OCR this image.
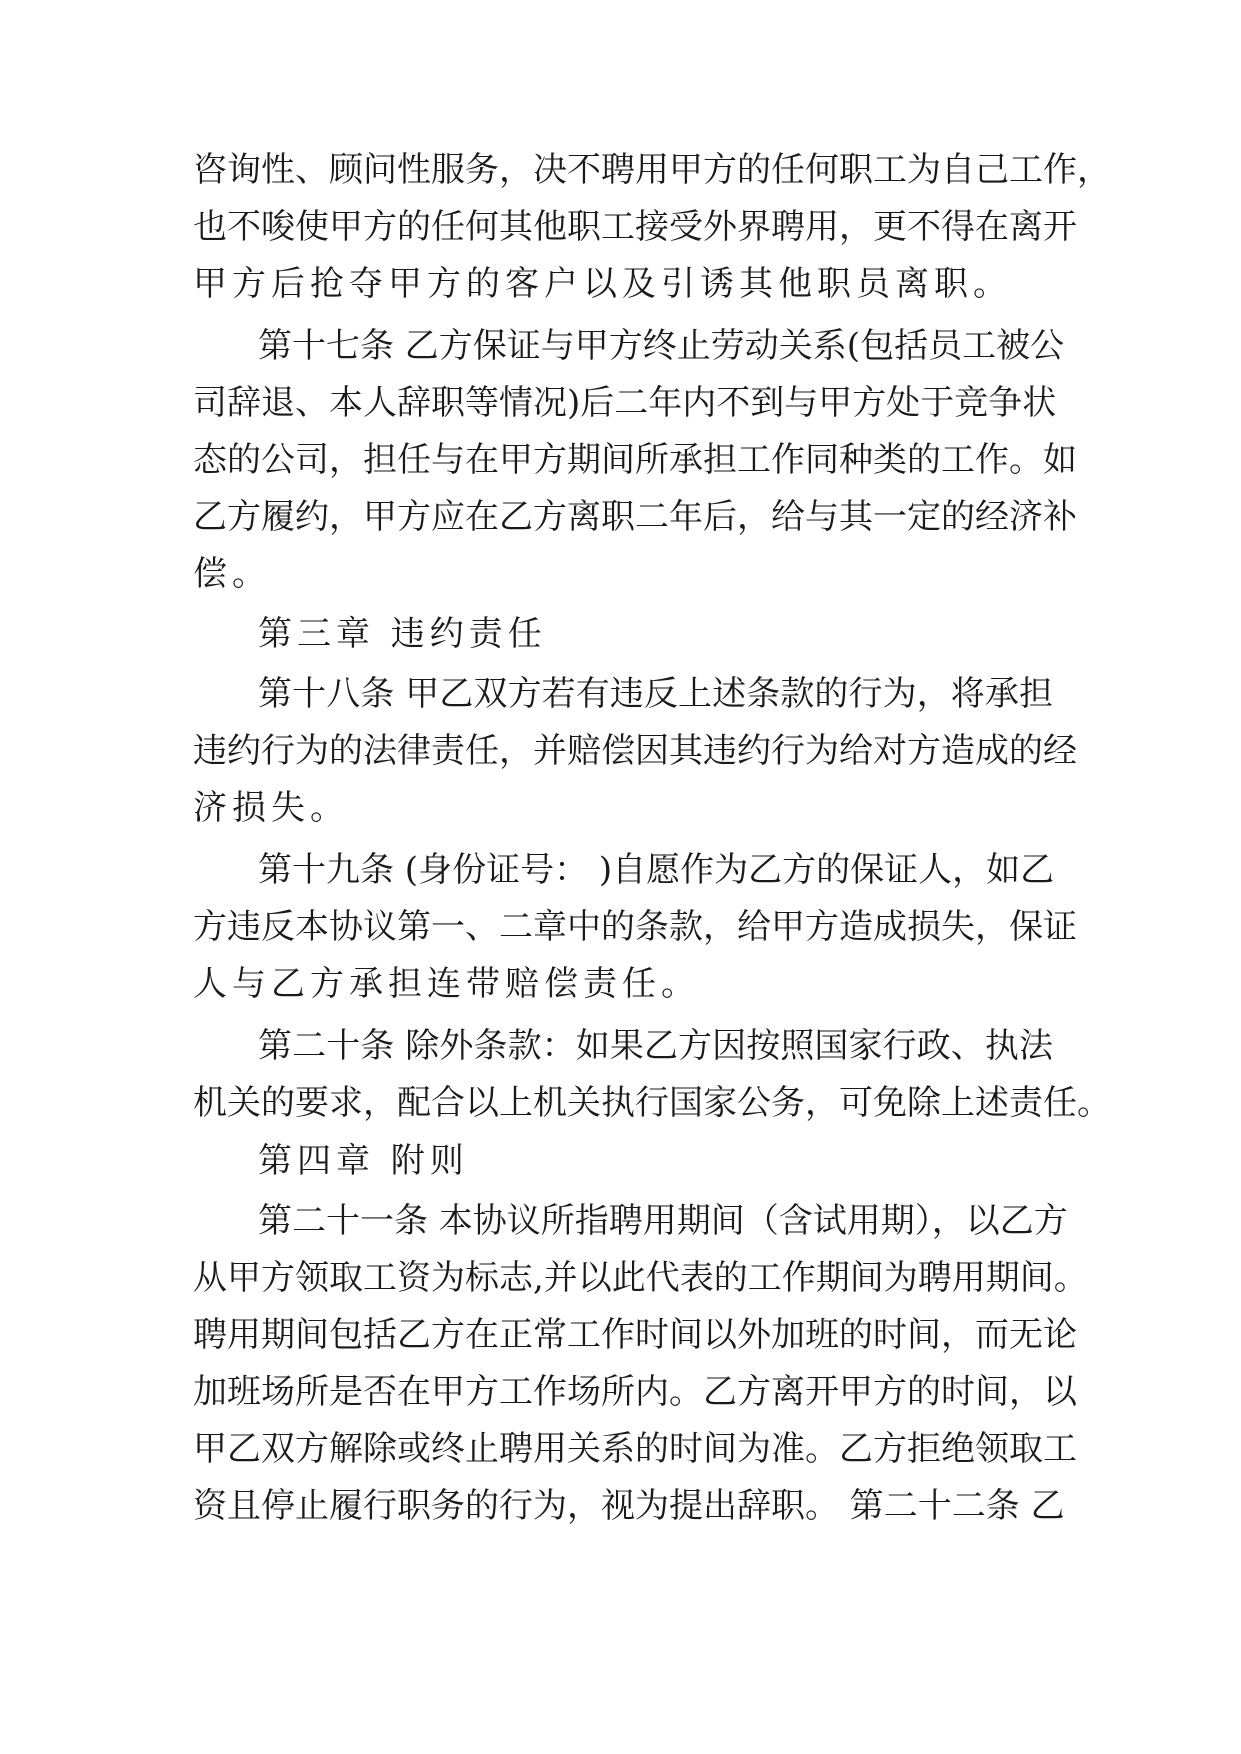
咨询性、顾问性服务，决不聘用甲方的任何职工为自己工作，
也不唆使甲方的任何其他职工接受外界聘用，更不得在离开
甲方后抢夺甲方的客户以及引诱其他职员离职。
第十七条 乙方保证与甲方终止劳动关系(包括员工被公
司辞退、本人辞职等情况)后二年内不到与甲方处于竞争状
态的公司，担任与在甲方期间所承担工作同种类的工作。如
乙方履约，甲方应在乙方离职二年后，给与其一定的经济补
偿。
第三章 违约责任
第十八条 甲乙双方若有违反上述条款的行为，将承担
违约行为的法律责任，并赔偿因其违约行为给对方造成的经
济损失。
第十九条 (身份证号： )自愿作为乙方的保证人，如乙
方违反本协议第一、二章中的条款，给甲方造成损失，保证
人与乙方承担连带赔偿责任。
第二十条 除外条款：如果乙方因按照国家行政、执法
机关的要求，配合以上机关执行国家公务，可免除上述责任。
第四章 附则
第二十一条 本协议所指聘用期间（含试用期），以乙方
从甲方领取工资为标志,并以此代表的工作期间为聘用期间。
聘用期间包括乙方在正常工作时间以外加班的时间，而无论
加班场所是否在甲方工作场所内。乙方离开甲方的时间，以
甲乙双方解除或终止聘用关系的时间为准。乙方拒绝领取工
资且停止履行职务的行为，视为提出辞职。 第二十二条 乙
